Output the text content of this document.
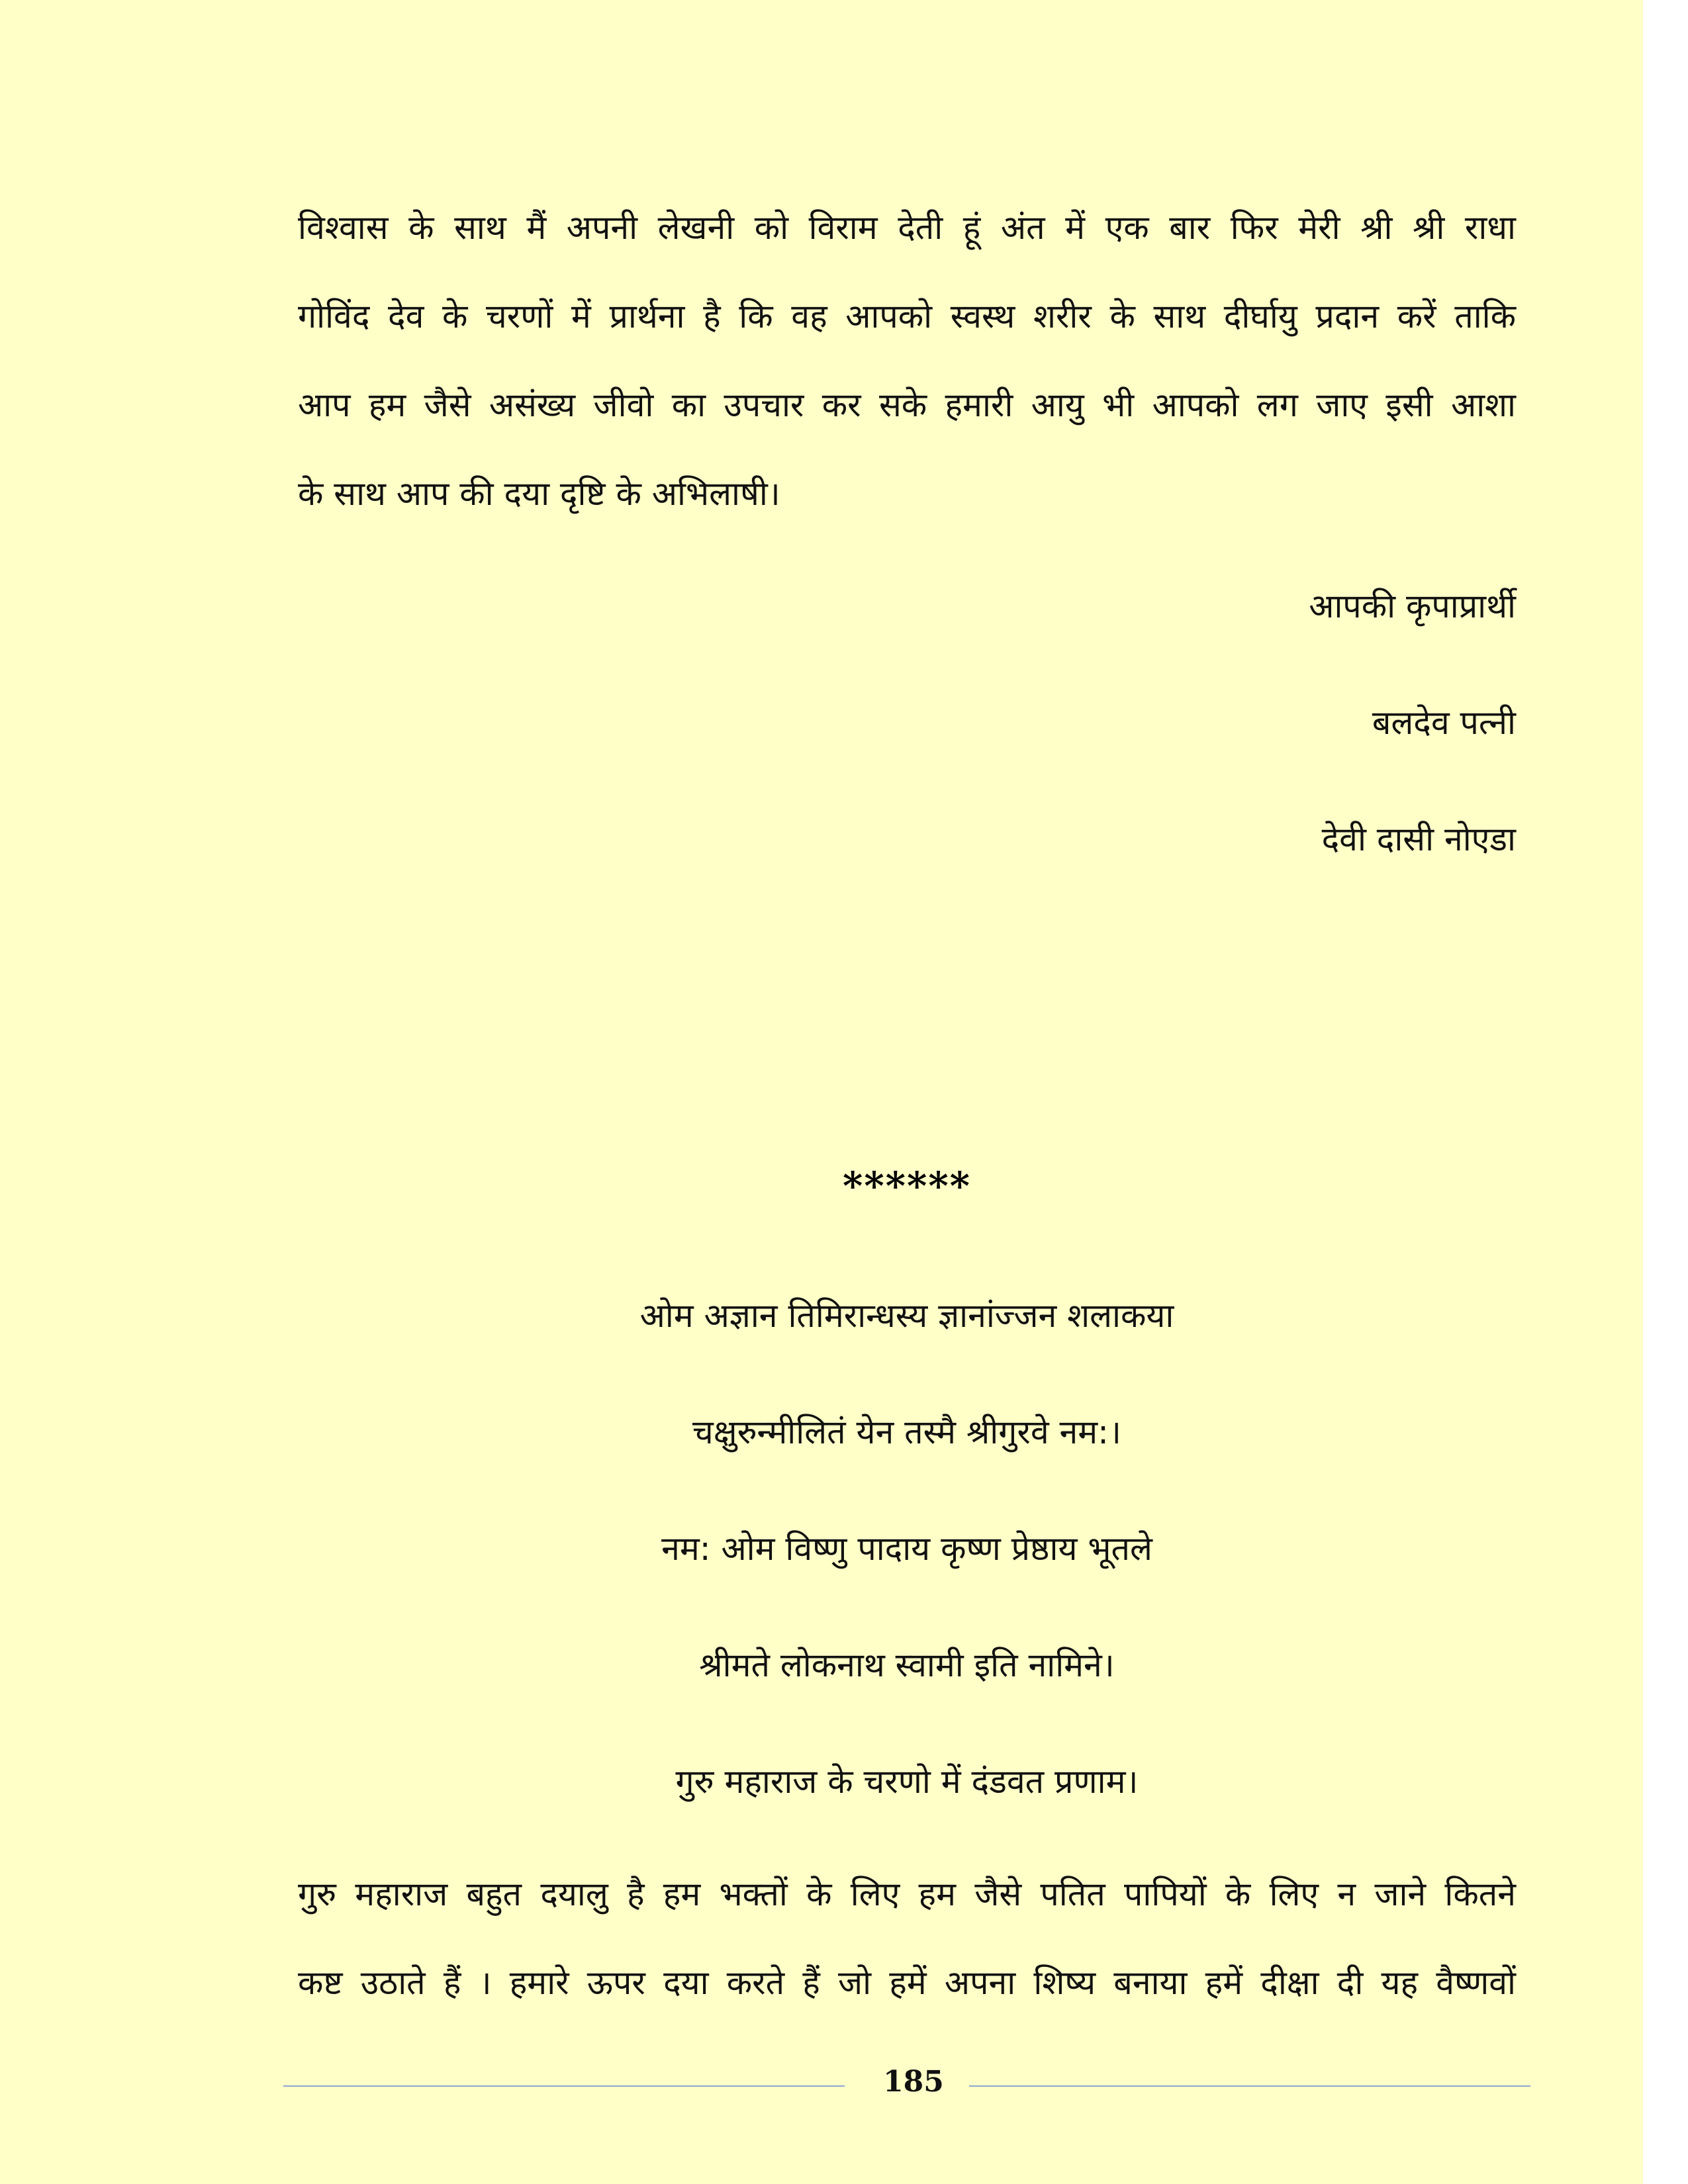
विश्वास के साथ मैं अपनी लेखनी को विराम देती हूं अंत में एक बार फिर मेरी श्री श्री राधा
गोविंद देव के चरणों में प्रार्थना है कि वह आपको स्वस्थ शरीर के साथ दीर्घायु प्रदान करें ताकि
आप हम जैसे असंख्य जीवो का उपचार कर सके हमारी आयु भी आपको लग जाए इसी आशा
के साथ आप की दया दृष्टि के अभिलाषी।

आपकी कृपाप्रार्थी

बलदेव पत्नी

देवी दासी नोएडा

******

ओम अज्ञान तिमिरान्धस्य ज्ञानांज्जन शलाकया

चक्षुरुन्मीलितं येन तस्मै श्रीगुरवे नम:।

नम: ओम विष्णु पादाय कृष्ण प्रेष्ठाय भूतले

श्रीमते लोकनाथ स्वामी इति नामिने।

गुरु महाराज के चरणो में दंडवत प्रणाम।

गुरु महाराज बहुत दयालु है हम भक्तों के लिए हम जैसे पतित पापियों के लिए न जाने कितने
कष्ट उठाते हैं । हमारे ऊपर दया करते हैं जो हमें अपना शिष्य बनाया हमें दीक्षा दी यह वैष्णवों
185
